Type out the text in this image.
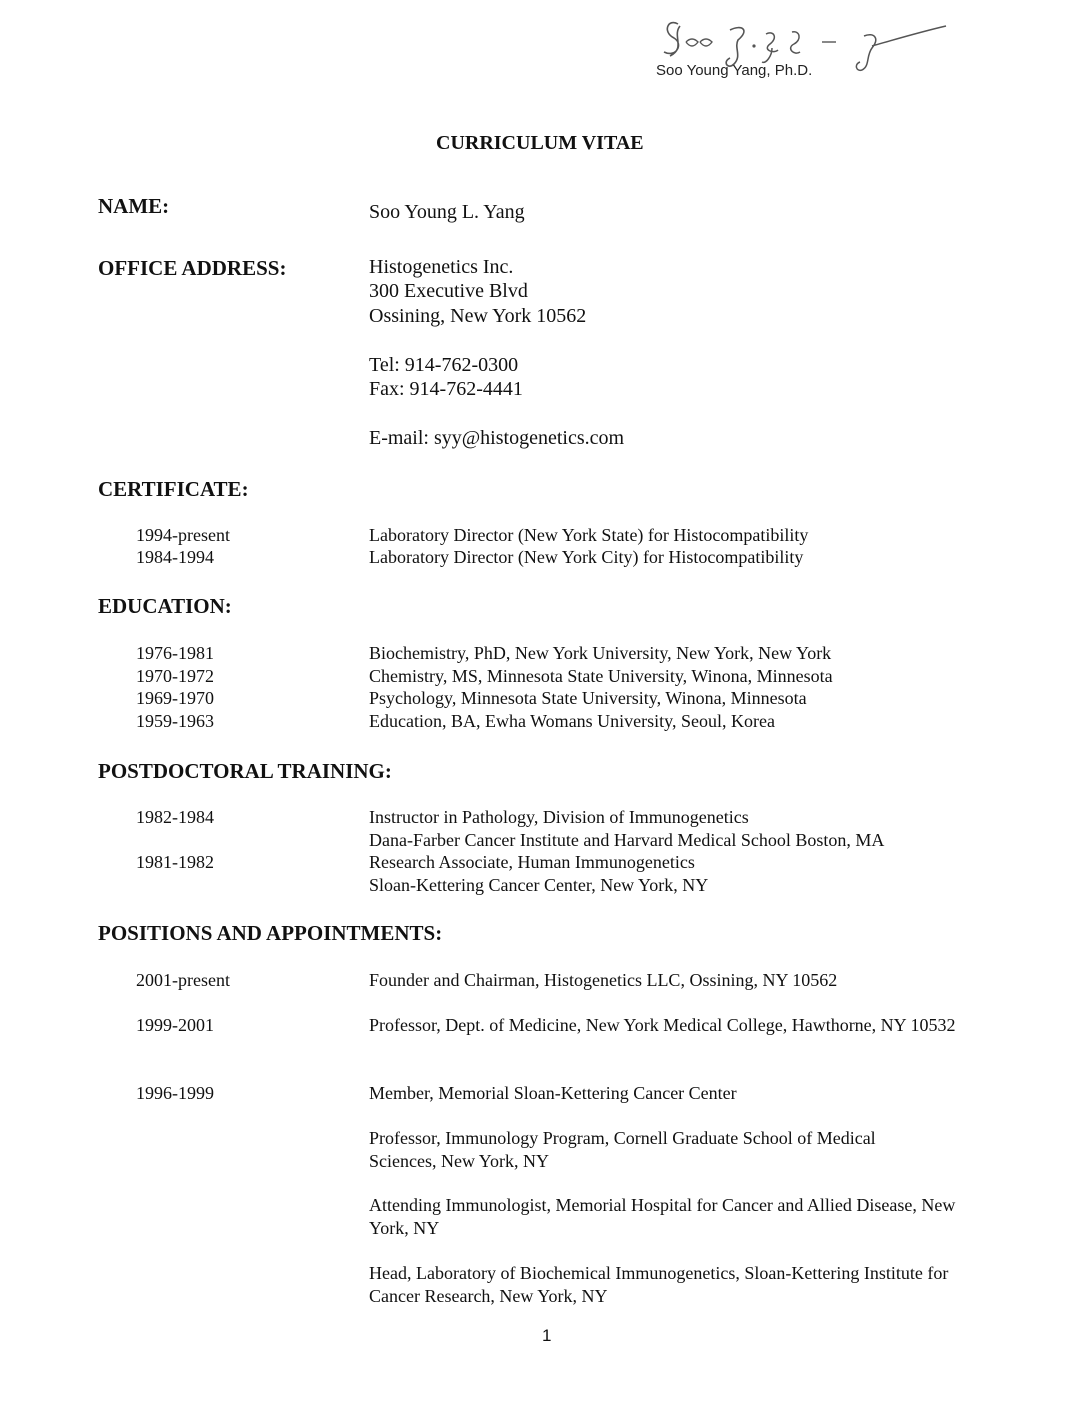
Soo Young Yang, Ph.D.
CURRICULUM VITAE
NAME:	Soo Young L. Yang
OFFICE ADDRESS:	Histogenetics Inc.
300 Executive Blvd
Ossining, New York 10562
Tel: 914-762-0300
Fax: 914-762-4441
E-mail: syy@histogenetics.com
CERTIFICATE:
1994-present	Laboratory Director (New York State) for Histocompatibility
1984-1994	Laboratory Director (New York City) for Histocompatibility
EDUCATION:
1976-1981	Biochemistry, PhD, New York University, New York, New York
1970-1972	Chemistry, MS, Minnesota State University, Winona, Minnesota
1969-1970	Psychology, Minnesota State University, Winona, Minnesota
1959-1963	Education, BA, Ewha Womans University, Seoul, Korea
POSTDOCTORAL TRAINING:
1982-1984	Instructor in Pathology, Division of Immunogenetics
Dana-Farber Cancer Institute and Harvard Medical School Boston, MA
1981-1982	Research Associate, Human Immunogenetics
Sloan-Kettering Cancer Center, New York, NY
POSITIONS AND APPOINTMENTS:
2001-present	Founder and Chairman, Histogenetics LLC, Ossining, NY 10562
1999-2001	Professor, Dept. of Medicine, New York Medical College, Hawthorne, NY 10532
1996-1999	Member, Memorial Sloan-Kettering Cancer Center
Professor, Immunology Program, Cornell Graduate School of Medical Sciences, New York, NY
Attending Immunologist, Memorial Hospital for Cancer and Allied Disease, New York, NY
Head, Laboratory of Biochemical Immunogenetics, Sloan-Kettering Institute for Cancer Research, New York, NY
1
